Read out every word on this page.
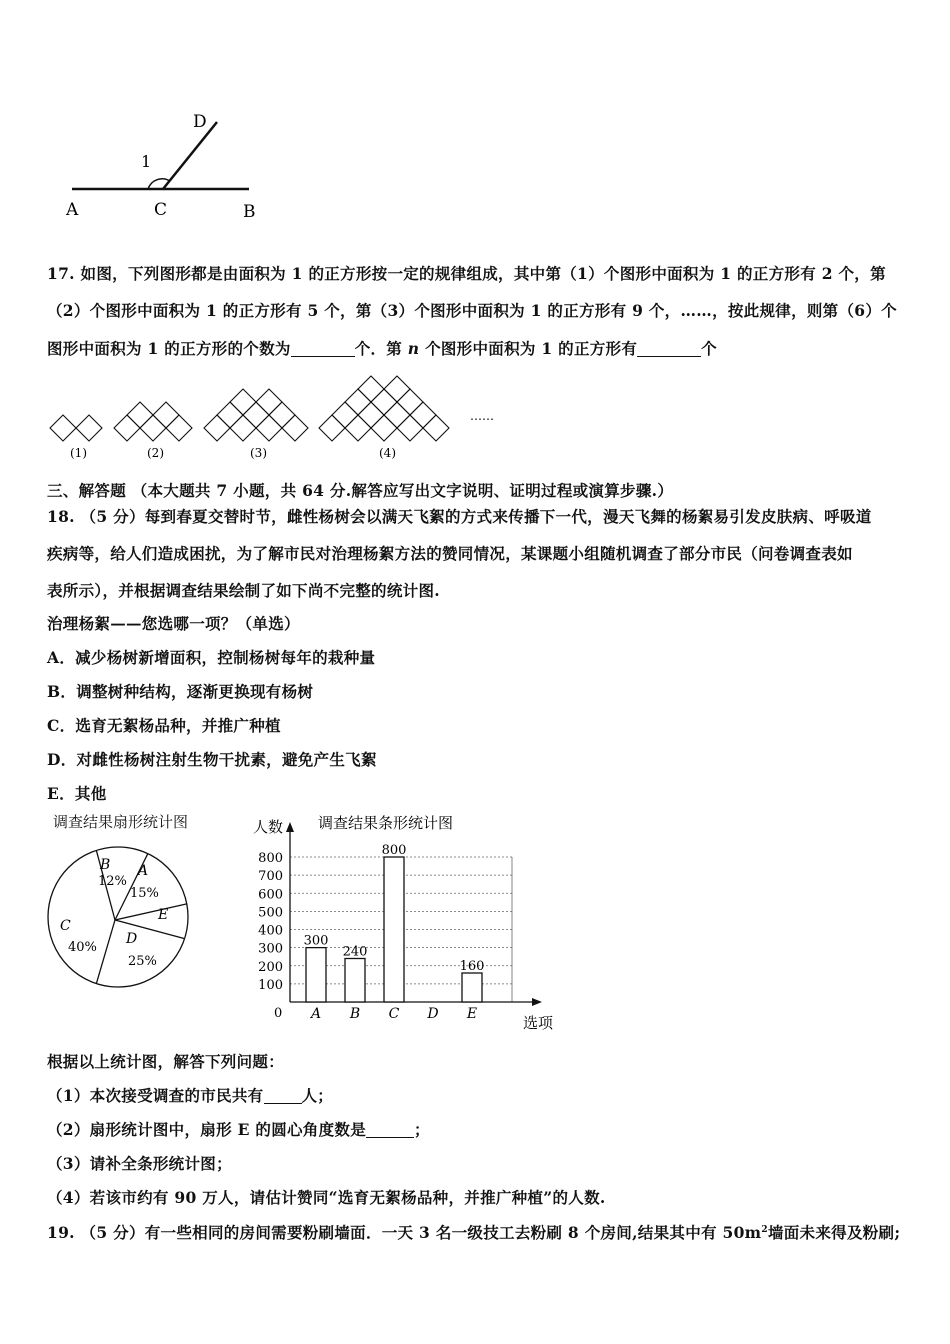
D
1
A	C	B
17. 如图，下列图形都是由面积为 1 的正方形按一定的规律组成，其中第（1）个图形中面积为 1 的正方形有 2 个，第
（2）个图形中面积为 1 的正方形有 5 个，第（3）个图形中面积为 1 的正方形有 9 个，……，按此规律，则第（6）个
图形中面积为 1 的正方形的个数为	个．第 n 个图形中面积为 1 的正方形有	个
(1)	(2)	(3)	(4)
……
三、解答题 （本大题共 7 小题，共 64 分.解答应写出文字说明、证明过程或演算步骤.）
18. （5 分）每到春夏交替时节，雌性杨树会以满天飞絮的方式来传播下一代，漫天飞舞的杨絮易引发皮肤病、呼吸道
疾病等，给人们造成困扰，为了解市民对治理杨絮方法的赞同情况，某课题小组随机调查了部分市民（问卷调查表如
表所示），并根据调查结果绘制了如下尚不完整的统计图.
治理杨絮——您选哪一项？（单选）
A．减少杨树新增面积，控制杨树每年的栽种量
B．调整树种结构，逐渐更换现有杨树
C．选育无絮杨品种，并推广种植
D．对雌性杨树注射生物干扰素，避免产生飞絮
E．其他
调查结果扇形统计图
A
15%
B
12%
C
40%
D
25%
E
100
200
300
400
500
600
700
800
0
人数
选项
调查结果条形统计图
300
A
240
B
800
C D
160
E
根据以上统计图，解答下列问题：
（1）本次接受调查的市民共有 人；
（2）扇形统计图中，扇形 E 的圆心角度数是	；
（3）请补全条形统计图；
（4）若该市约有 90 万人，请估计赞同“选育无絮杨品种，并推广种植”的人数.
19. （5 分）有一些相同的房间需要粉刷墙面．一天 3 名一级技工去粉刷 8 个房间,结果其中有 $50m^2$墙面未来得及粉刷;
